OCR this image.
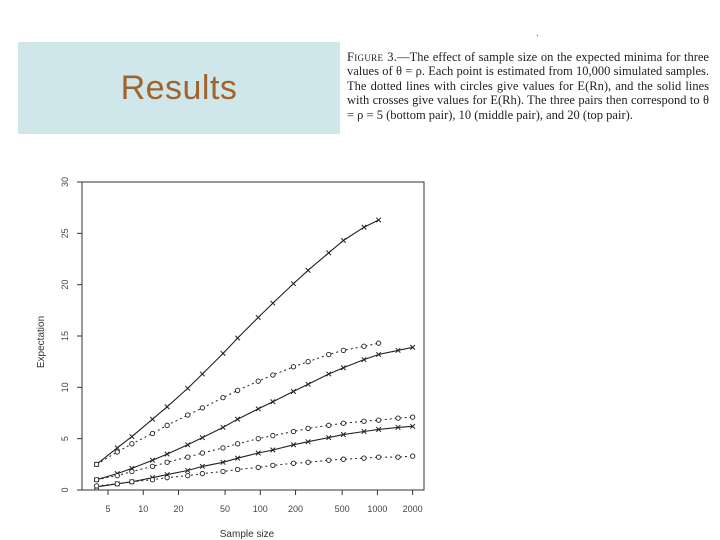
Results
.
Figure 3.—The effect of sample size on the expected minima for three values of θ = ρ. Each point is estimated from 10,000 simulated samples. The dotted lines with circles give values for E(Rn), and the solid lines with crosses give values for E(Rh). The three pairs then correspond to θ = ρ = 5 (bottom pair), 10 (middle pair), and 20 (top pair).
0
5
10
15
20
25
30
5	10	20	50	100 200	500 1000 2000
Sample size
Expectation
